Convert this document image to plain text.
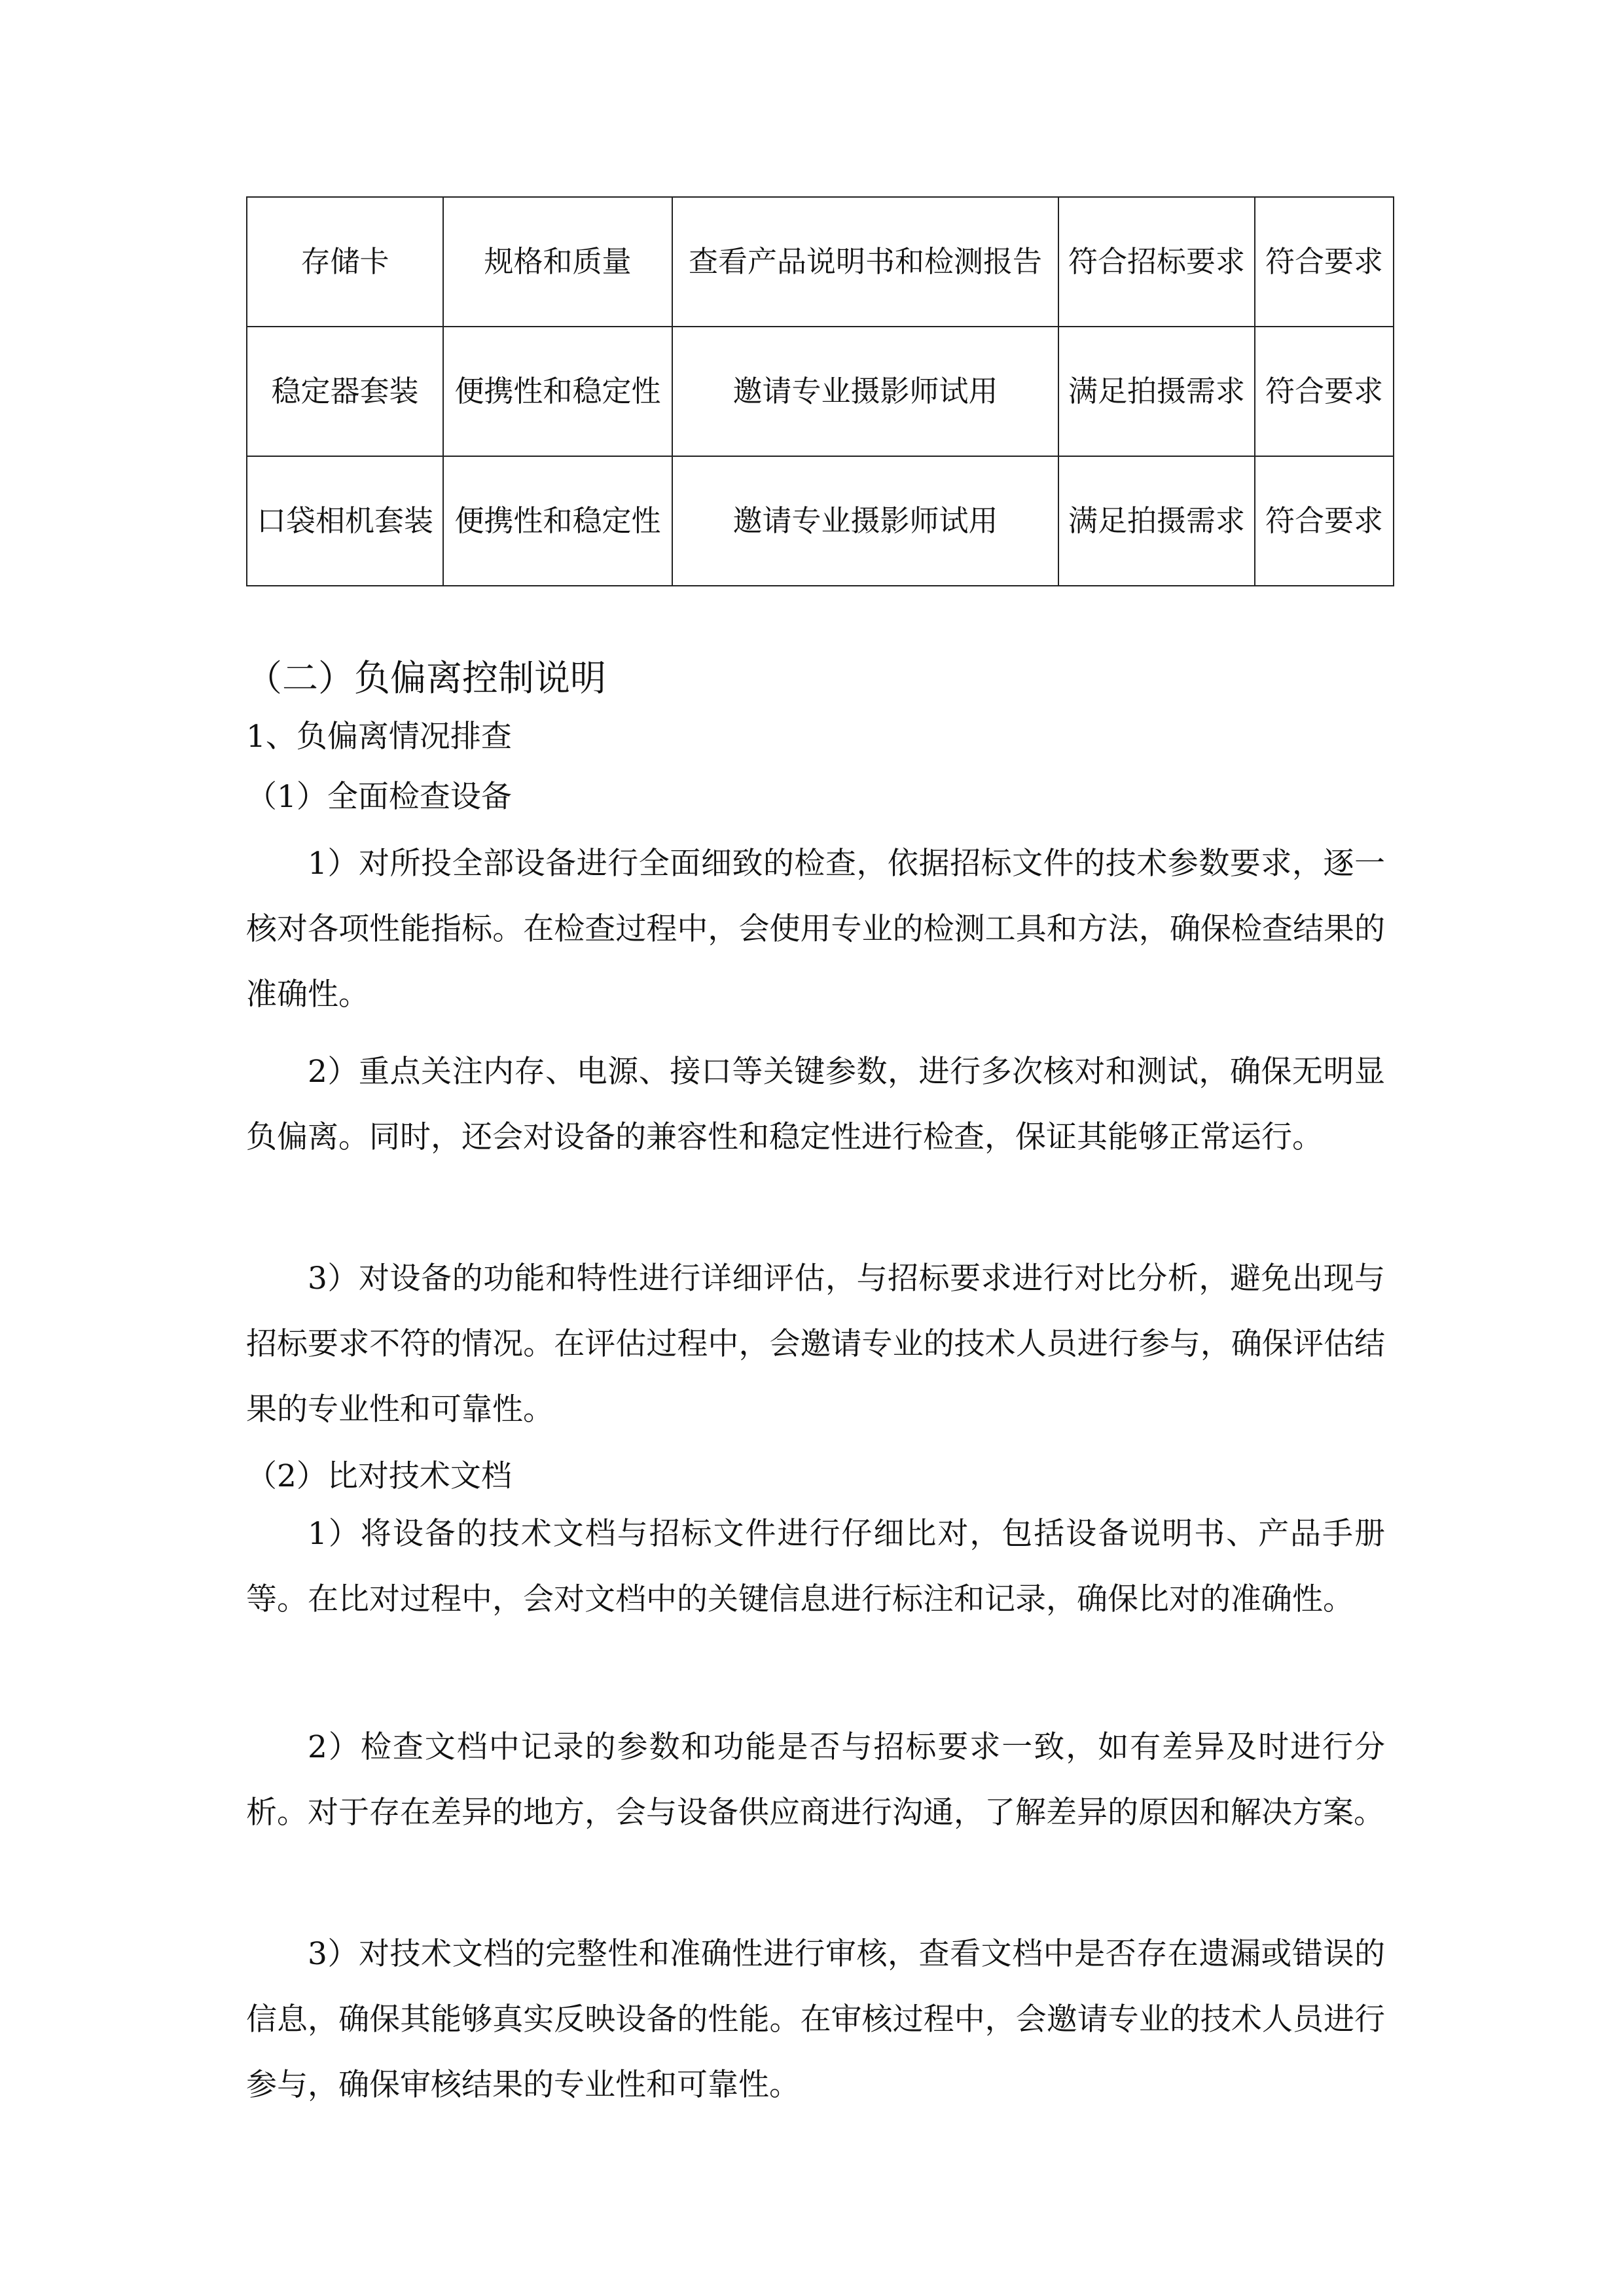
存储卡	规格和质量	查看产品说明书和检测报告	符合招标要求	符合要求
稳定器套装	便携性和稳定性	邀请专业摄影师试用	满足拍摄需求	符合要求
口袋相机套装	便携性和稳定性	邀请专业摄影师试用	满足拍摄需求	符合要求
（二）负偏离控制说明
1、负偏离情况排查
（1）全面检查设备

1）对所投全部设备进行全面细致的检查，依据招标文件的技术参数要求，逐一核对各项性能指标。在检查过程中，会使用专业的检测工具和方法，确保检查结果的准确性。

2）重点关注内存、电源、接口等关键参数，进行多次核对和测试，确保无明显负偏离。同时，还会对设备的兼容性和稳定性进行检查，保证其能够正常运行。

3）对设备的功能和特性进行详细评估，与招标要求进行对比分析，避免出现与招标要求不符的情况。在评估过程中，会邀请专业的技术人员进行参与，确保评估结果的专业性和可靠性。

（2）比对技术文档

1）将设备的技术文档与招标文件进行仔细比对，包括设备说明书、产品手册等。在比对过程中，会对文档中的关键信息进行标注和记录，确保比对的准确性。

2）检查文档中记录的参数和功能是否与招标要求一致，如有差异及时进行分析。对于存在差异的地方，会与设备供应商进行沟通，了解差异的原因和解决方案。

3）对技术文档的完整性和准确性进行审核，查看文档中是否存在遗漏或错误的信息，确保其能够真实反映设备的性能。在审核过程中，会邀请专业的技术人员进行参与，确保审核结果的专业性和可靠性。
